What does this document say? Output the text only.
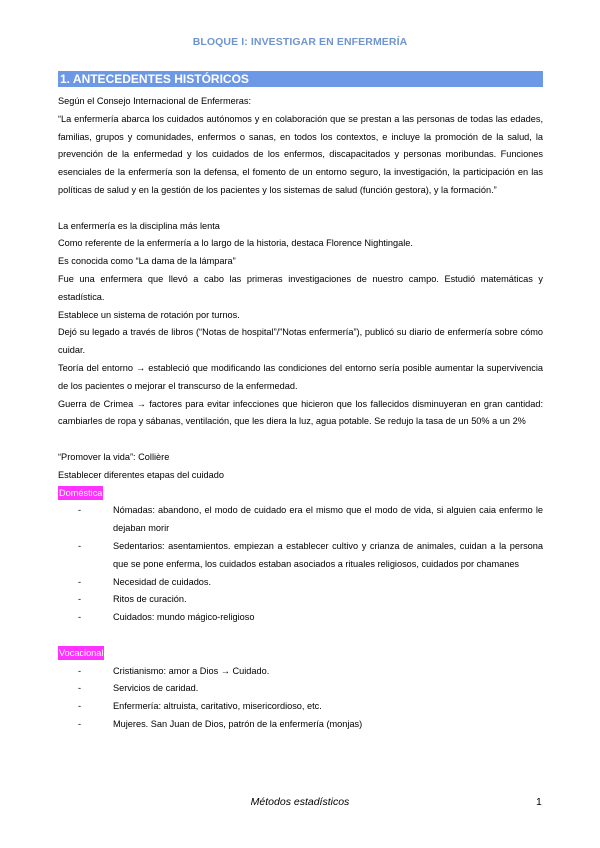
BLOQUE I: INVESTIGAR EN ENFERMERÍA
1. ANTECEDENTES HISTÓRICOS

Según el Consejo Internacional de Enfermeras:

“La enfermería abarca los cuidados autónomos y en colaboración que se prestan a las personas de todas las edades, familias, grupos y comunidades, enfermos o sanas, en todos los contextos, e incluye la promoción de la salud, la prevención de la enfermedad y los cuidados de los enfermos, discapacitados y personas moribundas. Funciones esenciales de la enfermería son la defensa, el fomento de un entorno seguro, la investigación, la participación en las políticas de salud y en la gestión de los pacientes y los sistemas de salud (función gestora), y la formación.”

La enfermería es la disciplina más lenta

Como referente de la enfermería a lo largo de la historia, destaca Florence Nightingale.

Es conocida como “La dama de la lámpara”

Fue una enfermera que llevó a cabo las primeras investigaciones de nuestro campo. Estudió matemáticas y estadística.

Establece un sistema de rotación por turnos.

Dejó su legado a través de libros (“Notas de hospital”/”Notas enfermería”), publicó su diario de enfermería sobre cómo cuidar.

Teoría del entorno → estableció que modificando las condiciones del entorno sería posible aumentar la supervivencia de los pacientes o mejorar el transcurso de la enfermedad.

Guerra de Crimea → factores para evitar infecciones que hicieron que los fallecidos disminuyeran en gran cantidad: cambiarles de ropa y sábanas, ventilación, que les diera la luz, agua potable. Se redujo la tasa de un 50% a un 2%

“Promover la vida”: Collière

Establecer diferentes etapas del cuidado

Doméstica

- Nómadas: abandono, el modo de cuidado era el mismo que el modo de vida, si alguien caia enfermo le dejaban morir
- Sedentarios: asentamientos. empiezan a establecer cultivo y crianza de animales, cuidan a la persona que se pone enferma, los cuidados estaban asociados a rituales religiosos, cuidados por chamanes
- Necesidad de cuidados.
- Ritos de curación.
- Cuidados: mundo mágico-religioso

Vocacional

- Cristianismo: amor a Dios → Cuidado.
- Servicios de caridad.
- Enfermería: altruista, caritativo, misericordioso, etc.
- Mujeres. San Juan de Dios, patrón de la enfermería (monjas)
Métodos estadísticos	1
